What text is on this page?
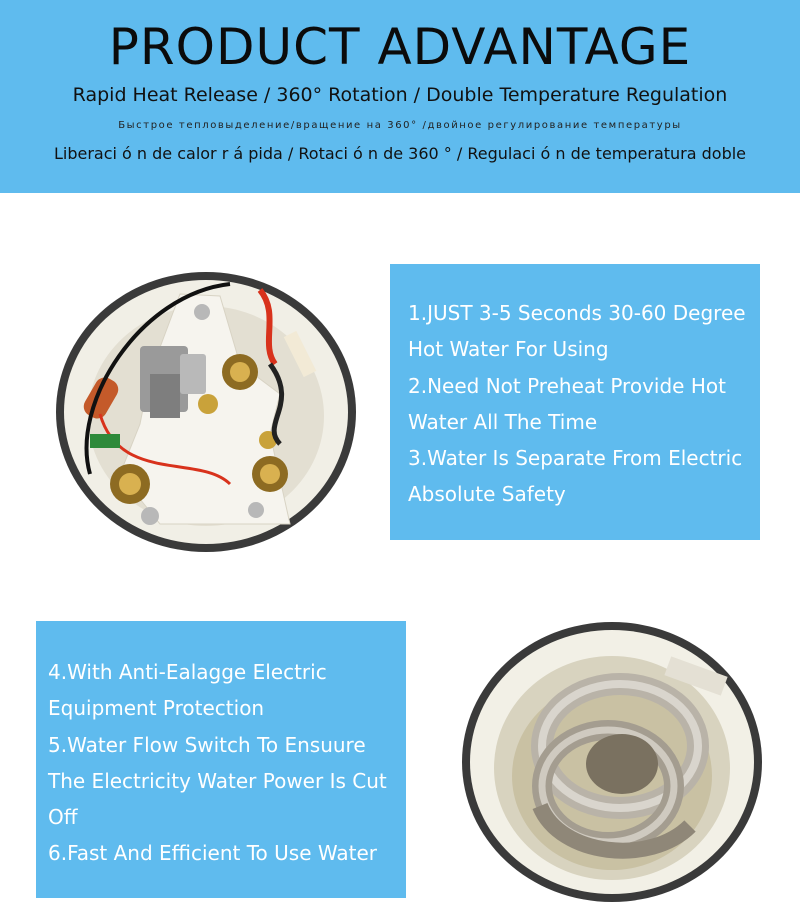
PRODUCT ADVANTAGE
Rapid Heat Release / 360° Rotation / Double Temperature Regulation
Быстрое тепловыделение/вращение на 360° /двойное регулирование температуры
Liberaci ó n de calor r á pida / Rotaci ó n de 360 ° / Regulaci ó n de temperatura doble
1.JUST 3-5 Seconds 30-60 Degree Hot Water For Using
2.Need Not Preheat Provide Hot Water All The Time
3.Water Is Separate From Electric Absolute Safety
4.With Anti-Ealagge Electric Equipment Protection
5.Water Flow Switch To Ensuure The Electricity Water Power Is Cut Off
6.Fast And Efficient To Use Water
